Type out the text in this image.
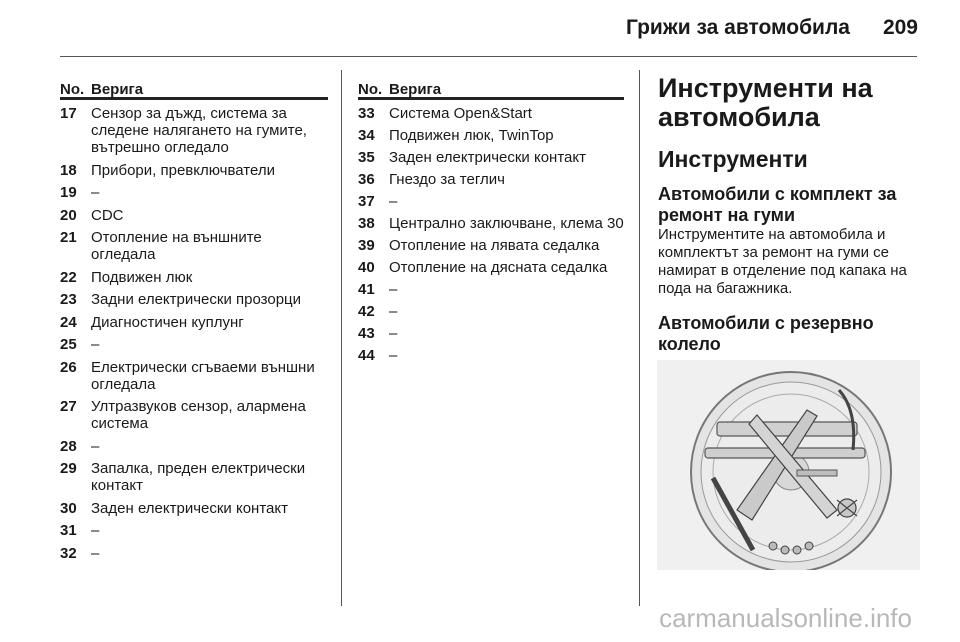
Грижи за автомобила 209
No. Верига
17 Сензор за дъжд, система за следене налягането на гумите, вътрешно огледало
18 Прибори, превключватели
19 –
20 CDC
21 Отопление на външните огледала
22 Подвижен люк
23 Задни електрически прозорци
24 Диагностичен куплунг
25 –
26 Електрически сгъваеми външни огледала
27 Ултразвуков сензор, алармена система
28 –
29 Запалка, преден електрически контакт
30 Заден електрически контакт
31 –
32 –
No. Верига
33 Система Open&Start
34 Подвижен люк, TwinTop
35 Заден електрически контакт
36 Гнездо за теглич
37 –
38 Централно заключване, клема 30
39 Отопление на лявата седалка
40 Отопление на дясната седалка
41 –
42 –
43 –
44 –
Инструменти на автомобила
Инструменти
Автомобили с комплект за ремонт на гуми

Инструментите на автомобила и комплектът за ремонт на гуми се намират в отделение под капака на пода на багажника.

Автомобили с резервно колело
carmanualsonline.info
